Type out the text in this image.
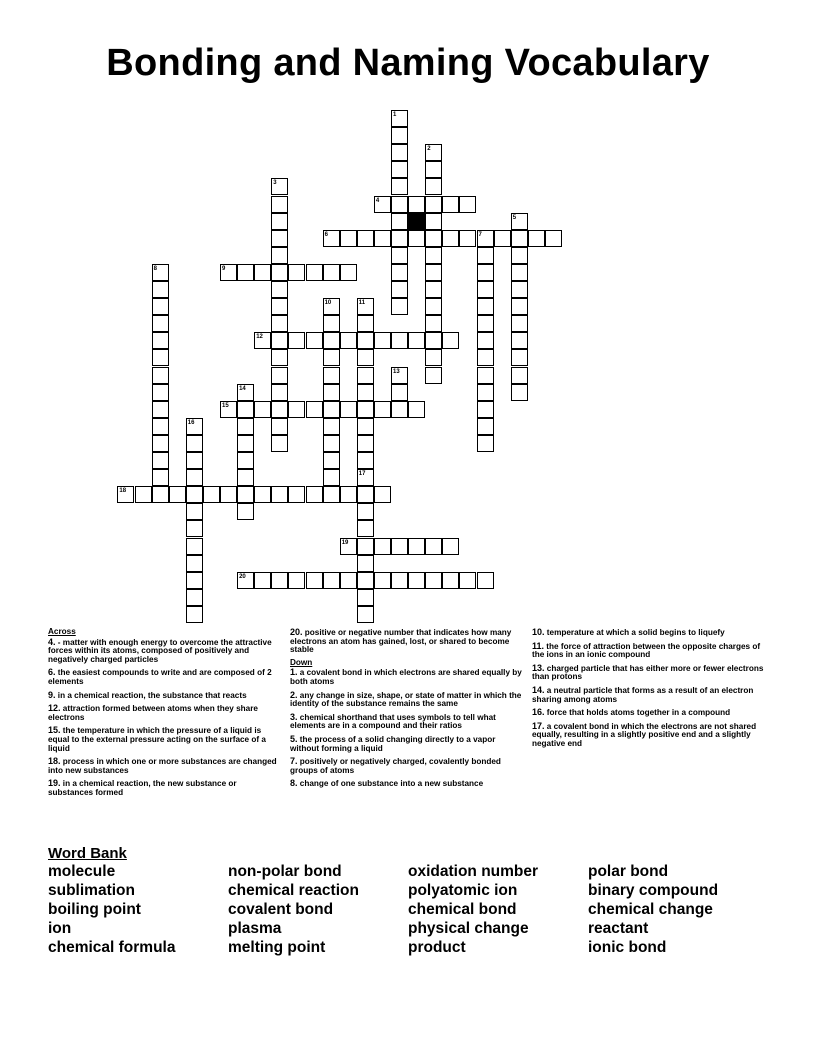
Bonding and Naming Vocabulary
1
2
3
4
5
6	7
8	9
10	11
12
13
14
15
16
17
18
19
20
Across
4. - matter with enough energy to overcome the attractive forces within its atoms, composed of positively and negatively charged particles
6. the easiest compounds to write and are composed of 2 elements
9. in a chemical reaction, the substance that reacts
12. attraction formed between atoms when they share electrons
15. the temperature in which the pressure of a liquid is equal to the external pressure acting on the surface of a liquid
18. process in which one or more substances are changed into new substances
19. in a chemical reaction, the new substance or substances formed
20. positive or negative number that indicates how many electrons an atom has gained, lost, or shared to become stable
Down
1. a covalent bond in which electrons are shared equally by both atoms
2. any change in size, shape, or state of matter in which the identity of the substance remains the same
3. chemical shorthand that uses symbols to tell what elements are in a compound and their ratios
5. the process of a solid changing directly to a vapor without forming a liquid
7. positively or negatively charged, covalently bonded groups of atoms
8. change of one substance into a new substance
10. temperature at which a solid begins to liquefy
11. the force of attraction between the opposite charges of the ions in an ionic compound
13. charged particle that has either more or fewer electrons than protons
14. a neutral particle that forms as a result of an electron sharing among atoms
16. force that holds atoms together in a compound
17. a covalent bond in which the electrons are not shared equally, resulting in a slightly positive end and a slightly negative end
Word Bank
molecule
sublimation
boiling point
ion
chemical formula
non-polar bond
chemical reaction
covalent bond
plasma
melting point
oxidation number
polyatomic ion
chemical bond
physical change
product
polar bond
binary compound
chemical change
reactant
ionic bond
